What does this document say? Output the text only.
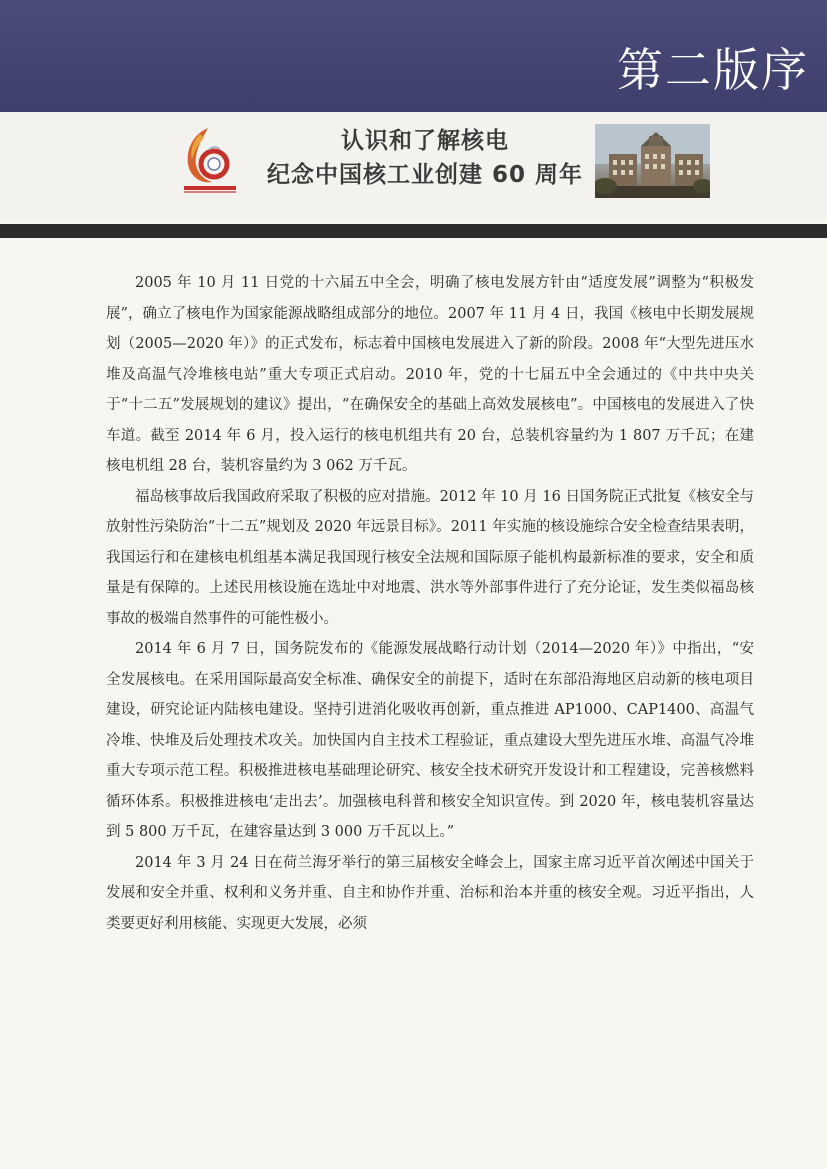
第二版序
认识和了解核电
纪念中国核工业创建 60 周年

2005 年 10 月 11 日党的十六届五中全会，明确了核电发展方针由“适度发展”调整为“积极发展”，确立了核电作为国家能源战略组成部分的地位。2007 年 11 月 4 日，我国《核电中长期发展规划（2005—2020 年）》的正式发布，标志着中国核电发展进入了新的阶段。2008 年“大型先进压水堆及高温气冷堆核电站”重大专项正式启动。2010 年，党的十七届五中全会通过的《中共中央关于“十二五”发展规划的建议》提出，“在确保安全的基础上高效发展核电”。中国核电的发展进入了快车道。截至 2014 年 6 月，投入运行的核电机组共有 20 台，总装机容量约为 1 807 万千瓦；在建核电机组 28 台，装机容量约为 3 062 万千瓦。

福岛核事故后我国政府采取了积极的应对措施。2012 年 10 月 16 日国务院正式批复《核安全与放射性污染防治“十二五”规划及 2020 年远景目标》。2011 年实施的核设施综合安全检查结果表明，我国运行和在建核电机组基本满足我国现行核安全法规和国际原子能机构最新标准的要求，安全和质量是有保障的。上述民用核设施在选址中对地震、洪水等外部事件进行了充分论证，发生类似福岛核事故的极端自然事件的可能性极小。

2014 年 6 月 7 日，国务院发布的《能源发展战略行动计划（2014—2020 年）》中指出，“安全发展核电。在采用国际最高安全标准、确保安全的前提下，适时在东部沿海地区启动新的核电项目建设，研究论证内陆核电建设。坚持引进消化吸收再创新，重点推进 AP1000、CAP1400、高温气冷堆、快堆及后处理技术攻关。加快国内自主技术工程验证，重点建设大型先进压水堆、高温气冷堆重大专项示范工程。积极推进核电基础理论研究、核安全技术研究开发设计和工程建设，完善核燃料循环体系。积极推进核电‘走出去’。加强核电科普和核安全知识宣传。到 2020 年，核电装机容量达到 5 800 万千瓦，在建容量达到 3 000 万千瓦以上。”

2014 年 3 月 24 日在荷兰海牙举行的第三届核安全峰会上，国家主席习近平首次阐述中国关于发展和安全并重、权利和义务并重、自主和协作并重、治标和治本并重的核安全观。习近平指出，人类要更好利用核能、实现更大发展，必须
